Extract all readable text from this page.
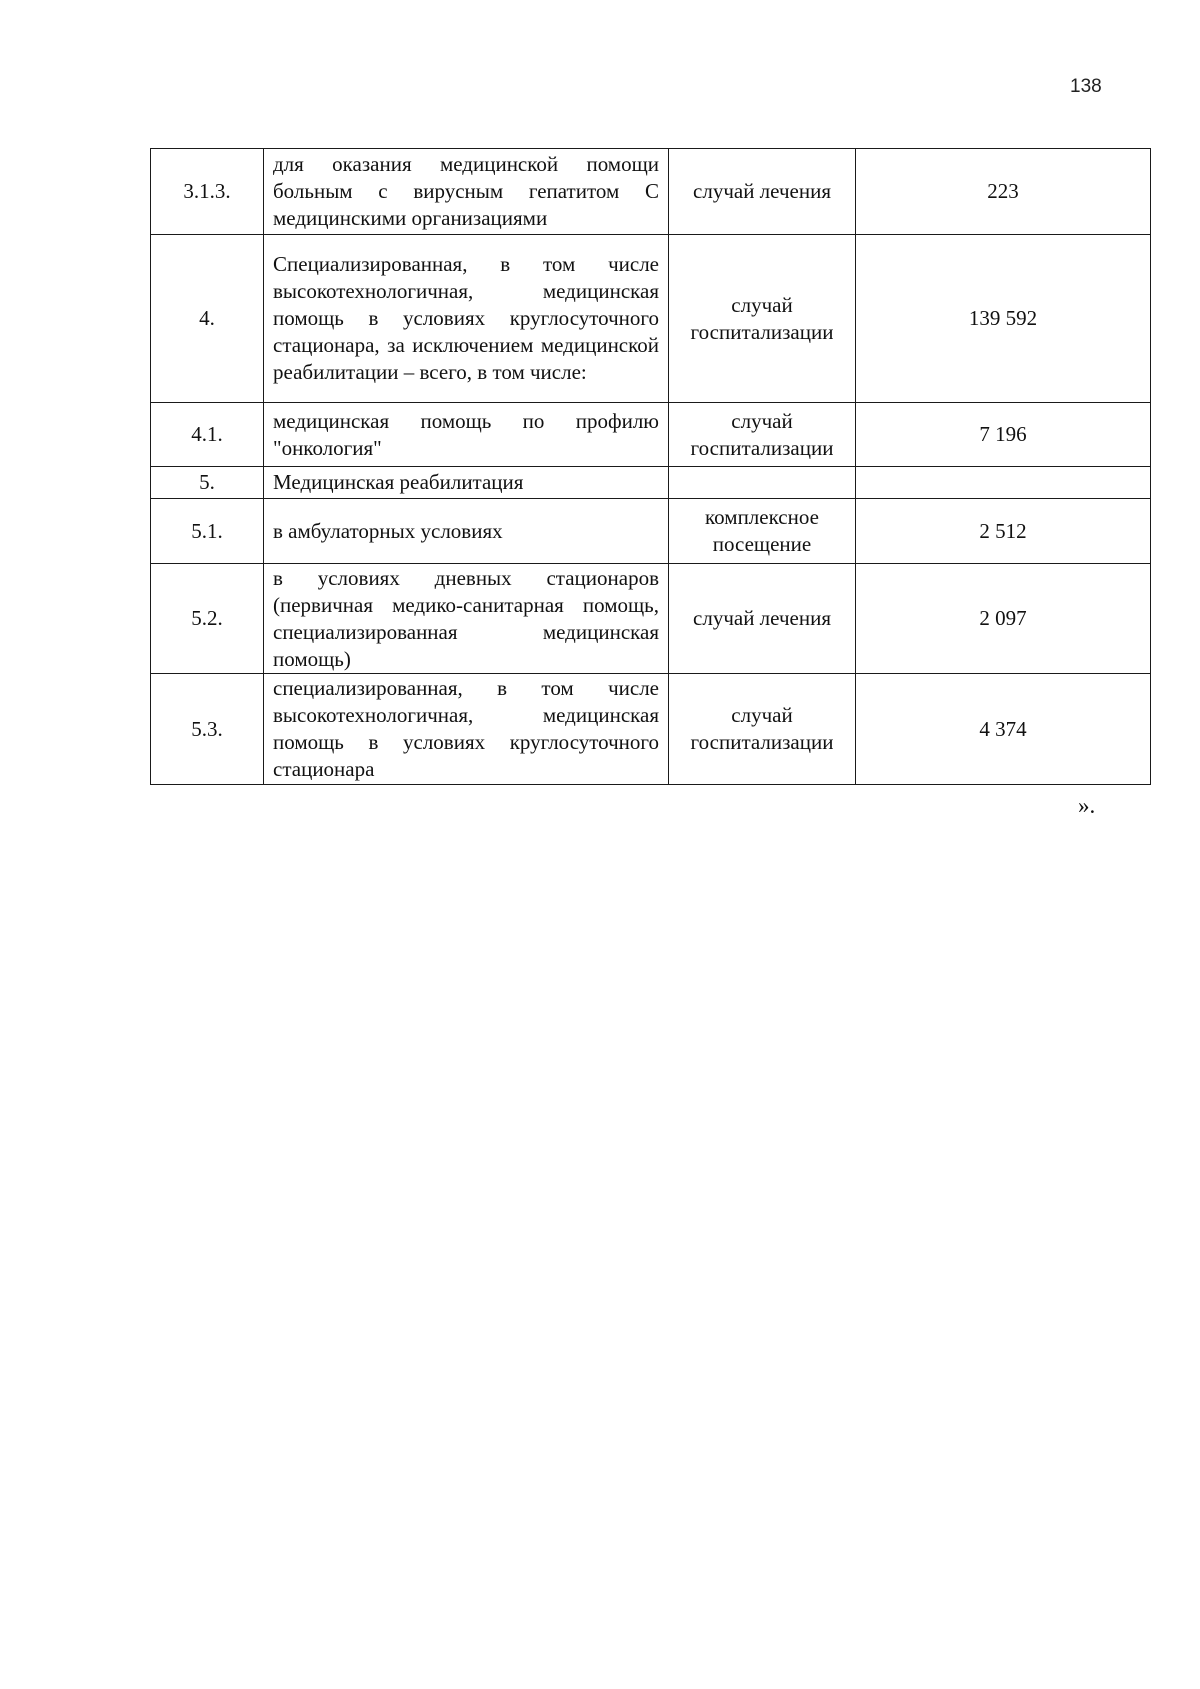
138
3.1.3.	для оказания медицинской помощи больным с вирусным гепатитом С медицинскими организациями	случай лечения	223
4.	Специализированная, в том числе высокотехнологичная, медицинская помощь в условиях круглосуточного стационара, за исключением медицинской реабилитации – всего, в том числе:	случай госпитализации	139 592
4.1.	медицинская помощь по профилю "онкология"	случай госпитализации	7 196
5.	Медицинская реабилитация		
5.1.	в амбулаторных условиях	комплексное посещение	2 512
5.2.	в условиях дневных стационаров (первичная медико-санитарная помощь, специализированная медицинская помощь)	случай лечения	2 097
5.3.	специализированная, в том числе высокотехнологичная, медицинская помощь в условиях круглосуточного стационара	случай госпитализации	4 374
».
